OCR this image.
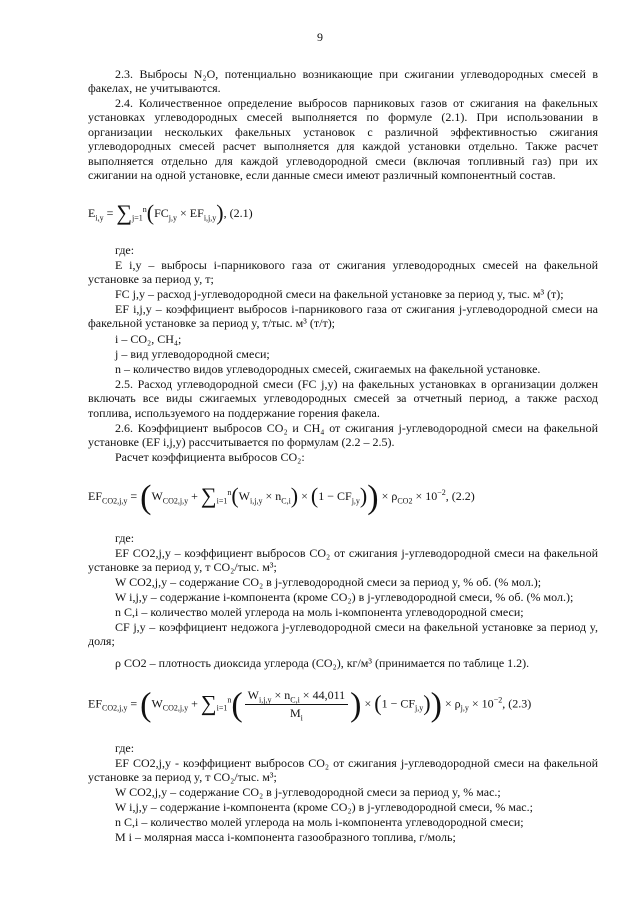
9

2.3. Выбросы N₂O, потенциально возникающие при сжигании углеводородных смесей в факелах, не учитываются.

2.4. Количественное определение выбросов парниковых газов от сжигания на факельных установках углеводородных смесей выполняется по формуле (2.1). При использовании в организации нескольких факельных установок с различной эффективностью сжигания углеводородных смесей расчет выполняется для каждой установки отдельно. Также расчет выполняется отдельно для каждой углеводородной смеси (включая топливный газ) при их сжигании на одной установке, если данные смеси имеют различный компонентный состав.

$E_{i,y} = \sum_{j=1}^n(FC_{j,y} \times EF_{i,j,y})$, (2.1)

где:

E i,y – выбросы i-парникового газа от сжигания углеводородных смесей на факельной установке за период y, т;

FC j,y – расход j-углеводородной смеси на факельной установке за период y, тыс. м³ (т);

EF i,j,y – коэффициент выбросов i-парникового газа от сжигания j-углеводородной смеси на факельной установке за период y, т/тыс. м³ (т/т);

i – CO₂, CH₄;

j – вид углеводородной смеси;

n – количество видов углеводородных смесей, сжигаемых на факельной установке.

2.5. Расход углеводородной смеси (FC j,y) на факельных установках в организации должен включать все виды сжигаемых углеводородных смесей за отчетный период, а также расход топлива, используемого на поддержание горения факела.

2.6. Коэффициент выбросов CO₂ и CH₄ от сжигания j-углеводородной смеси на факельной установке (EF i,j,y) рассчитывается по формулам (2.2 – 2.5).

Расчет коэффициента выбросов CO₂:

$EF_{CO2,j,y} = (W_{CO2,j,y} + \sum_{i=1}^n(W_{i,j,y} \times n_{C,i}) \times (1 - CF_{j,y})) \times \rho_{CO2} \times 10^{-2}$, (2.2)

где:

EF CO2,j,y – коэффициент выбросов CO₂ от сжигания j-углеводородной смеси на факельной установке за период y, т CO₂/тыс. м³;

W CO2,j,y – содержание CO₂ в j-углеводородной смеси за период y, % об. (% мол.);

W i,j,y – содержание i-компонента (кроме CO₂) в j-углеводородной смеси, % об. (% мол.);

n C,i – количество молей углерода на моль i-компонента углеводородной смеси;

CF j,y – коэффициент недожога j-углеводородной смеси на факельной установке за период y, доля;

ρ CO2 – плотность диоксида углерода (CO₂), кг/м³ (принимается по таблице 1.2).

$EF_{CO2,j,y} = (W_{CO2,j,y} + \sum_{i=1}^n( \frac{W_{i,j,y} \times n_{C,i} \times 44,011}{M_i}$ ) × $(1 - CF_{j,y})) \times \rho_{j,y} \times 10^{-2}$, (2.3)

где:

EF CO2,j,y - коэффициент выбросов CO₂ от сжигания j-углеводородной смеси на факельной установке за период y, т CO₂/тыс. м³;

W CO2,j,y – содержание CO₂ в j-углеводородной смеси за период y, % мас.;

W i,j,y – содержание i-компонента (кроме CO₂) в j-углеводородной смеси, % мас.;

n C,i – количество молей углерода на моль i-компонента углеводородной смеси;

M i – молярная масса i-компонента газообразного топлива, г/моль;
